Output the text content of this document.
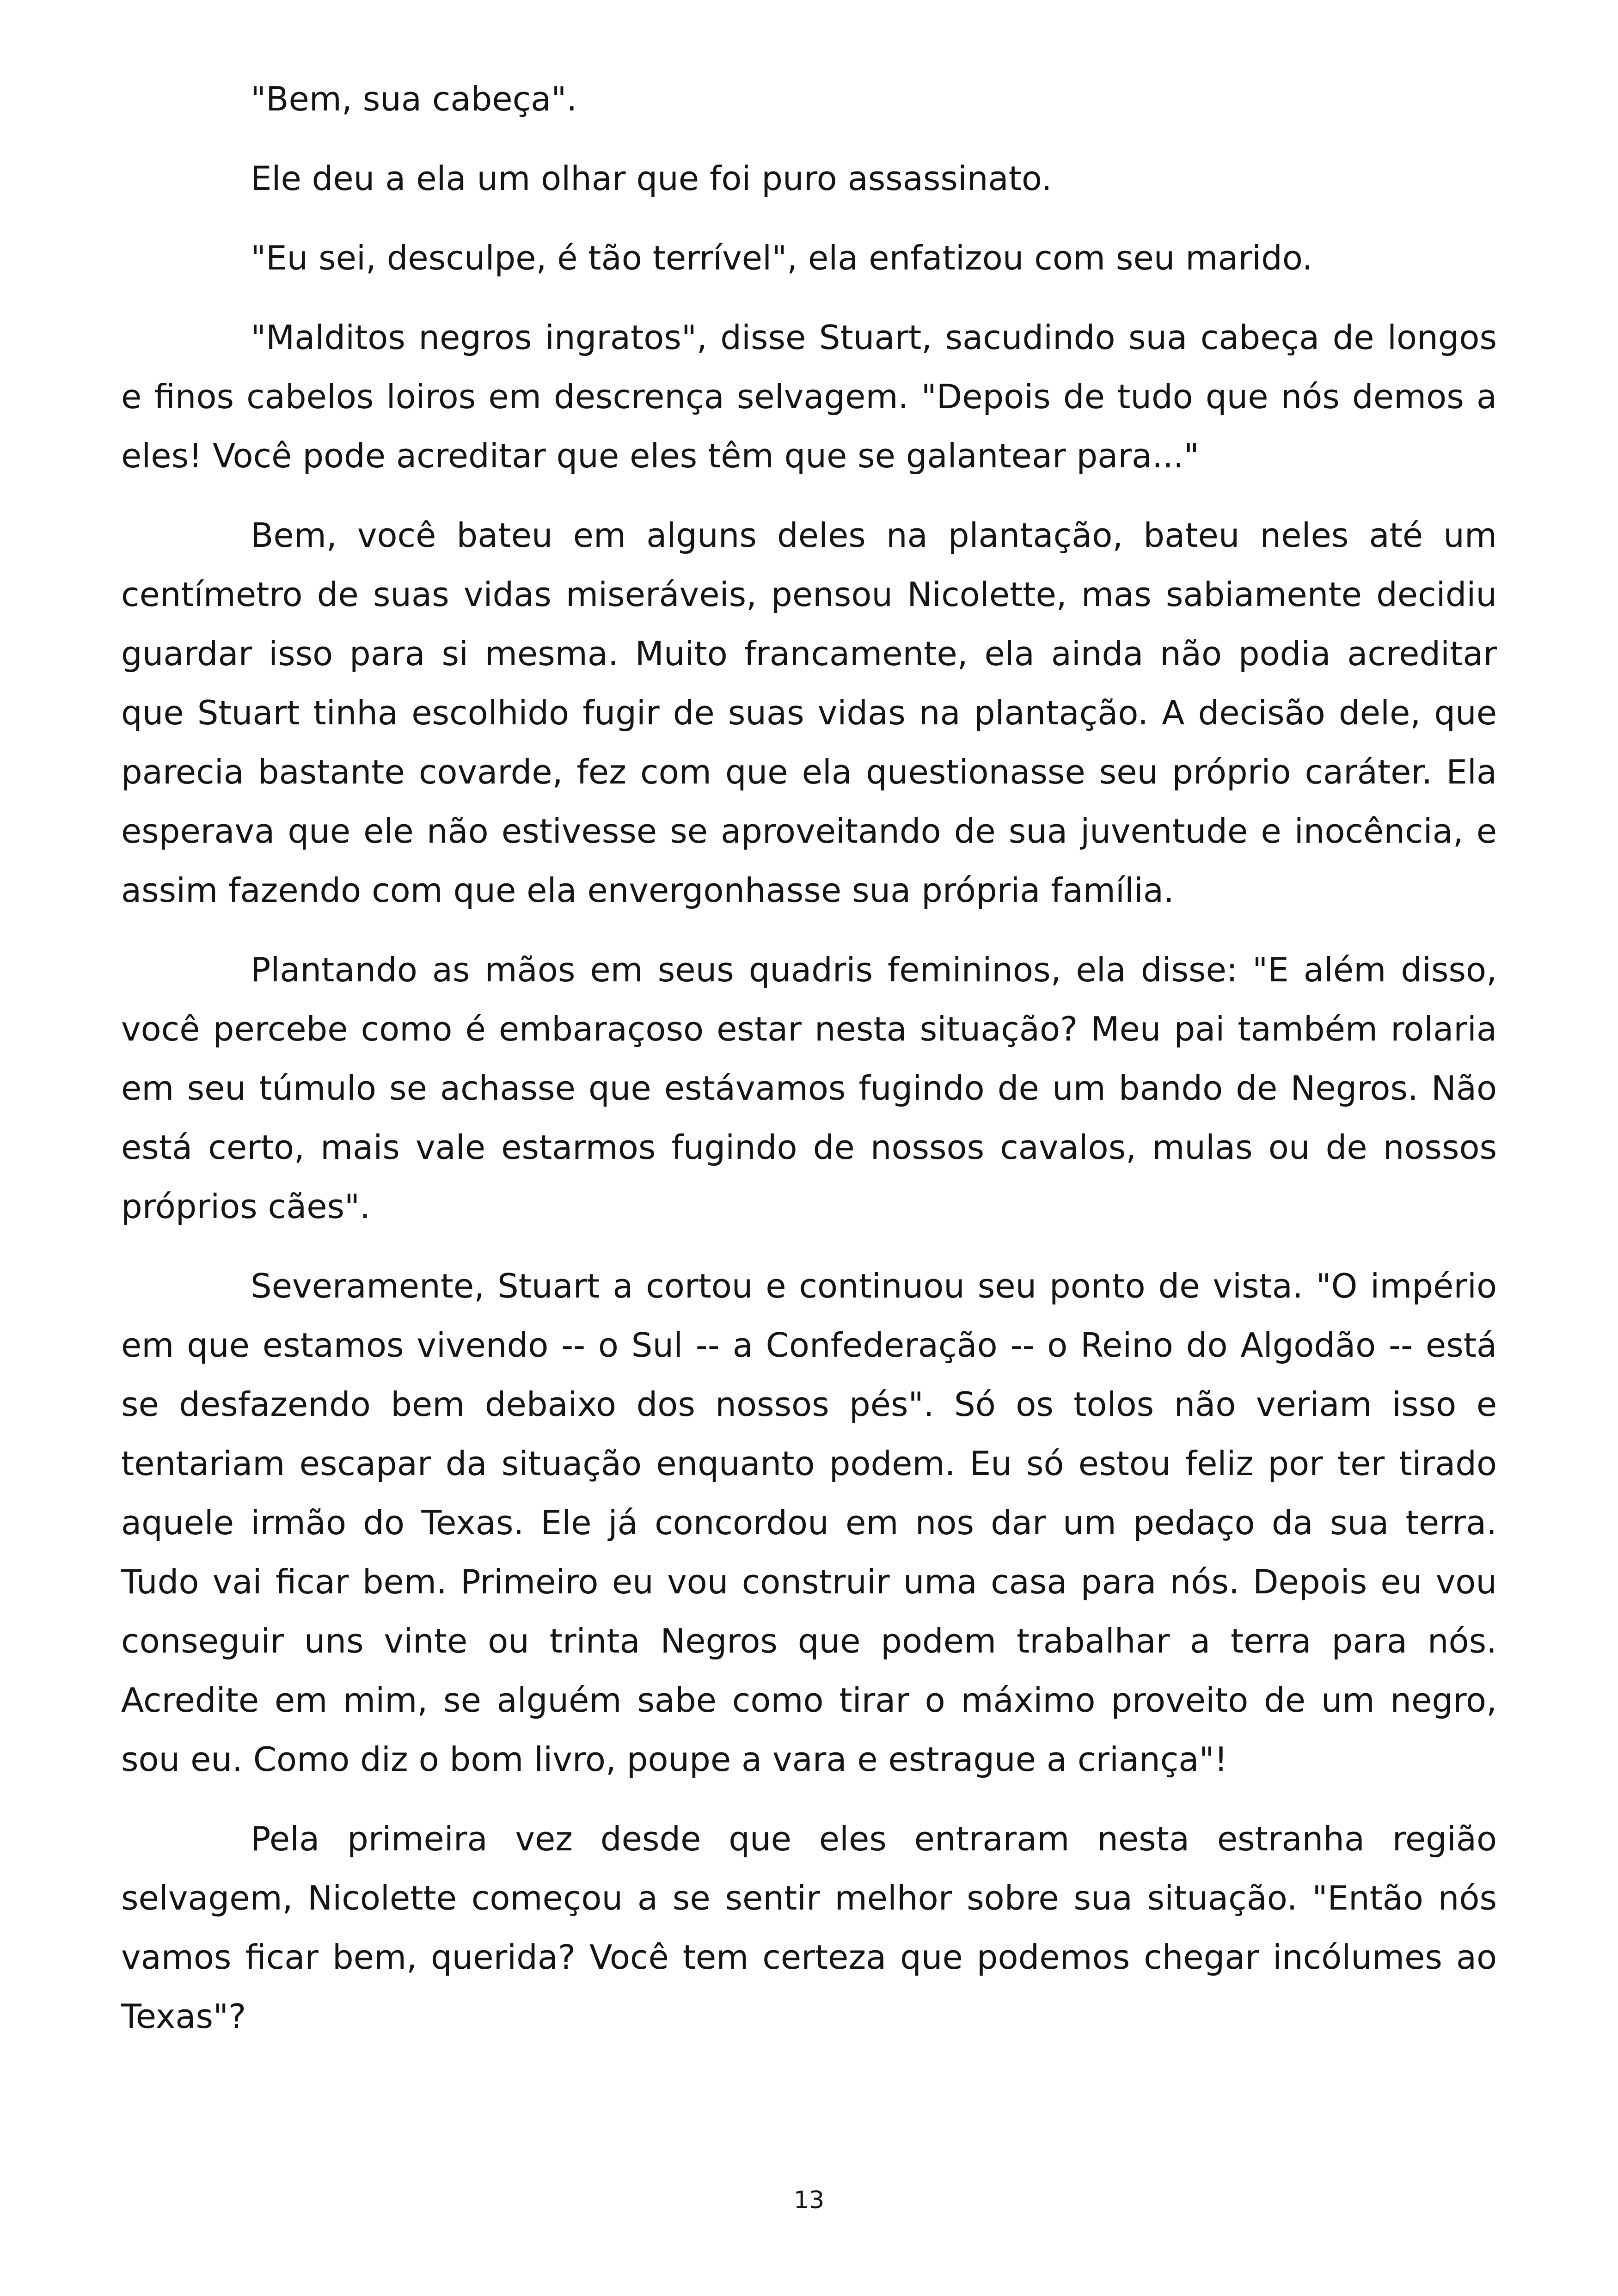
"Bem, sua cabeça".

Ele deu a ela um olhar que foi puro assassinato.

"Eu sei, desculpe, é tão terrível", ela enfatizou com seu marido.

"Malditos negros ingratos", disse Stuart, sacudindo sua cabeça de longos e finos cabelos loiros em descrença selvagem. "Depois de tudo que nós demos a eles! Você pode acreditar que eles têm que se galantear para..."

Bem, você bateu em alguns deles na plantação, bateu neles até um centímetro de suas vidas miseráveis, pensou Nicolette, mas sabiamente decidiu guardar isso para si mesma. Muito francamente, ela ainda não podia acreditar que Stuart tinha escolhido fugir de suas vidas na plantação. A decisão dele, que parecia bastante covarde, fez com que ela questionasse seu próprio caráter. Ela esperava que ele não estivesse se aproveitando de sua juventude e inocência, e assim fazendo com que ela envergonhasse sua própria família.

Plantando as mãos em seus quadris femininos, ela disse: "E além disso, você percebe como é embaraçoso estar nesta situação? Meu pai também rolaria em seu túmulo se achasse que estávamos fugindo de um bando de Negros. Não está certo, mais vale estarmos fugindo de nossos cavalos, mulas ou de nossos próprios cães".

Severamente, Stuart a cortou e continuou seu ponto de vista. "O império em que estamos vivendo -- o Sul -- a Confederação -- o Reino do Algodão -- está se desfazendo bem debaixo dos nossos pés". Só os tolos não veriam isso e tentariam escapar da situação enquanto podem. Eu só estou feliz por ter tirado aquele irmão do Texas. Ele já concordou em nos dar um pedaço da sua terra. Tudo vai ficar bem. Primeiro eu vou construir uma casa para nós. Depois eu vou conseguir uns vinte ou trinta Negros que podem trabalhar a terra para nós. Acredite em mim, se alguém sabe como tirar o máximo proveito de um negro, sou eu. Como diz o bom livro, poupe a vara e estrague a criança"!

Pela primeira vez desde que eles entraram nesta estranha região selvagem, Nicolette começou a se sentir melhor sobre sua situação. "Então nós vamos ficar bem, querida? Você tem certeza que podemos chegar incólumes ao Texas"?

13
